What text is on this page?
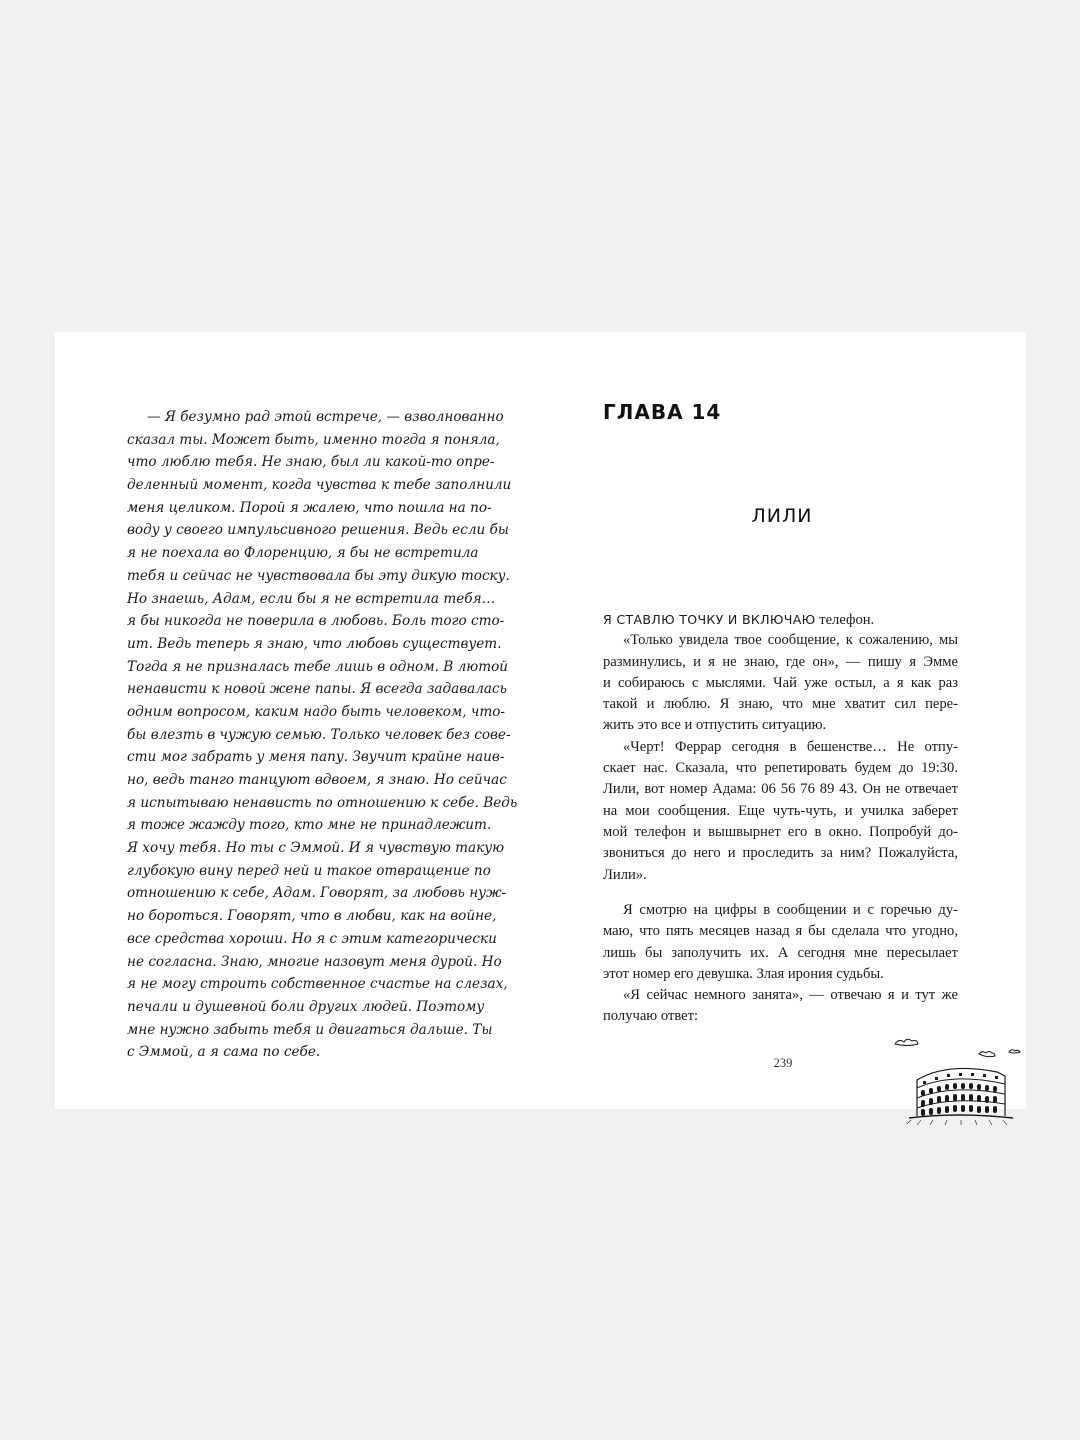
— Я безумно рад этой встрече, — взволнованно
сказал ты. Может быть, именно тогда я поняла,
что люблю тебя. Не знаю, был ли какой-то опре-
деленный момент, когда чувства к тебе заполнили
меня целиком. Порой я жалею, что пошла на по-
воду у своего импульсивного решения. Ведь если бы
я не поехала во Флоренцию, я бы не встретила
тебя и сейчас не чувствовала бы эту дикую тоску.
Но знаешь, Адам, если бы я не встретила тебя…
я бы никогда не поверила в любовь. Боль того сто-
ит. Ведь теперь я знаю, что любовь существует.
Тогда я не призналась тебе лишь в одном. В лютой
ненависти к новой жене папы. Я всегда задавалась
одним вопросом, каким надо быть человеком, что-
бы влезть в чужую семью. Только человек без сове-
сти мог забрать у меня папу. Звучит крайне наив-
но, ведь танго танцуют вдвоем, я знаю. Но сейчас
я испытываю ненависть по отношению к себе. Ведь
я тоже жажду того, кто мне не принадлежит.
Я хочу тебя. Но ты с Эммой. И я чувствую такую
глубокую вину перед ней и такое отвращение по
отношению к себе, Адам. Говорят, за любовь нуж-
но бороться. Говорят, что в любви, как на войне,
все средства хороши. Но я с этим категорически
не согласна. Знаю, многие назовут меня дурой. Но
я не могу строить собственное счастье на слезах,
печали и душевной боли других людей. Поэтому
мне нужно забыть тебя и двигаться дальше. Ты
с Эммой, а я сама по себе.
ГЛАВА 14
ЛИЛИ
Я СТАВЛЮ ТОЧКУ И ВКЛЮЧАЮ телефон.
«Только увидела твое сообщение, к сожалению, мы
разминулись, и я не знаю, где он», — пишу я Эмме
и собираюсь с мыслями. Чай уже остыл, а я как раз
такой и люблю. Я знаю, что мне хватит сил пере-
жить это все и отпустить ситуацию.
«Черт! Феррар сегодня в бешенстве… Не отпу-
скает нас. Сказала, что репетировать будем до 19:30.
Лили, вот номер Адама: 06 56 76 89 43. Он не отвечает
на мои сообщения. Еще чуть-чуть, и училка заберет
мой телефон и вышвырнет его в окно. Попробуй до-
звониться до него и проследить за ним? Пожалуйста,
Лили».
Я смотрю на цифры в сообщении и с горечью ду-
маю, что пять месяцев назад я бы сделала что угодно,
лишь бы заполучить их. А сегодня мне пересылает
этот номер его девушка. Злая ирония судьбы.
«Я сейчас немного занята», — отвечаю я и тут же
получаю ответ:
239
